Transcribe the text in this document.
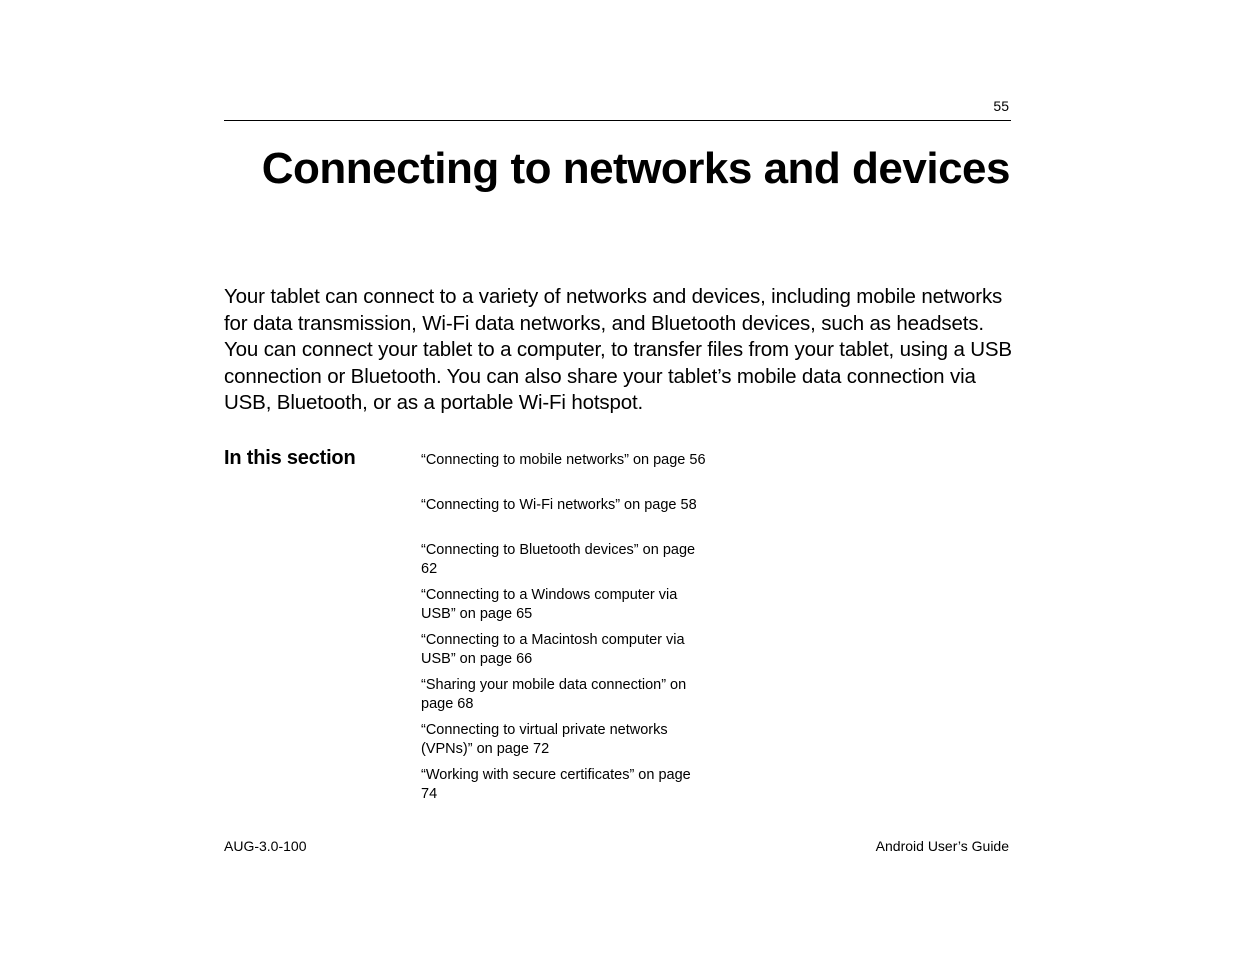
55
Connecting to networks and devices

Your tablet can connect to a variety of networks and devices, including mobile networks for data transmission, Wi-Fi data networks, and Bluetooth devices, such as headsets. You can connect your tablet to a computer, to transfer files from your tablet, using a USB connection or Bluetooth. You can also share your tablet’s mobile data connection via USB, Bluetooth, or as a portable Wi-Fi hotspot.

In this section	“Connecting to mobile networks” on page 56
“Connecting to Wi-Fi networks” on page 58
“Connecting to Bluetooth devices” on page 62
“Connecting to a Windows computer via USB” on page 65
“Connecting to a Macintosh computer via USB” on page 66
“Sharing your mobile data connection” on page 68
“Connecting to virtual private networks (VPNs)” on page 72
“Working with secure certificates” on page 74
AUG-3.0-100	Android User’s Guide
